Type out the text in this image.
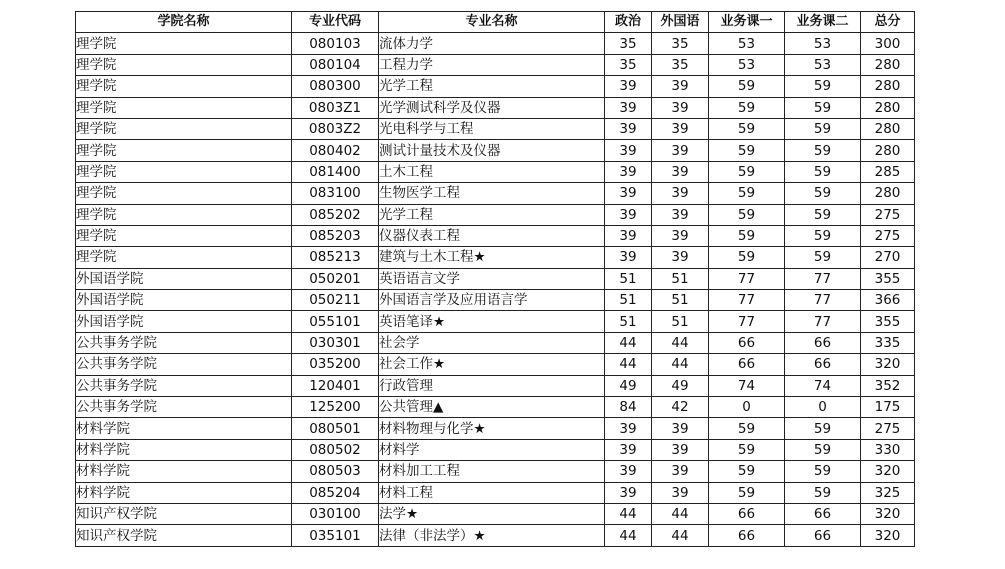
学院名称	专业代码	专业名称	政治	外国语	业务课一	业务课二	总分
理学院	080103	流体力学	35	35	53	53	300
理学院	080104	工程力学	35	35	53	53	280
理学院	080300	光学工程	39	39	59	59	280
理学院	0803Z1	光学测试科学及仪器	39	39	59	59	280
理学院	0803Z2	光电科学与工程	39	39	59	59	280
理学院	080402	测试计量技术及仪器	39	39	59	59	280
理学院	081400	土木工程	39	39	59	59	285
理学院	083100	生物医学工程	39	39	59	59	280
理学院	085202	光学工程	39	39	59	59	275
理学院	085203	仪器仪表工程	39	39	59	59	275
理学院	085213	建筑与土木工程★	39	39	59	59	270
外国语学院	050201	英语语言文学	51	51	77	77	355
外国语学院	050211	外国语言学及应用语言学	51	51	77	77	366
外国语学院	055101	英语笔译★	51	51	77	77	355
公共事务学院	030301	社会学	44	44	66	66	335
公共事务学院	035200	社会工作★	44	44	66	66	320
公共事务学院	120401	行政管理	49	49	74	74	352
公共事务学院	125200	公共管理▲	84	42	0	0	175
材料学院	080501	材料物理与化学★	39	39	59	59	275
材料学院	080502	材料学	39	39	59	59	330
材料学院	080503	材料加工工程	39	39	59	59	320
材料学院	085204	材料工程	39	39	59	59	325
知识产权学院	030100	法学★	44	44	66	66	320
知识产权学院	035101	法律（非法学）★	44	44	66	66	320
